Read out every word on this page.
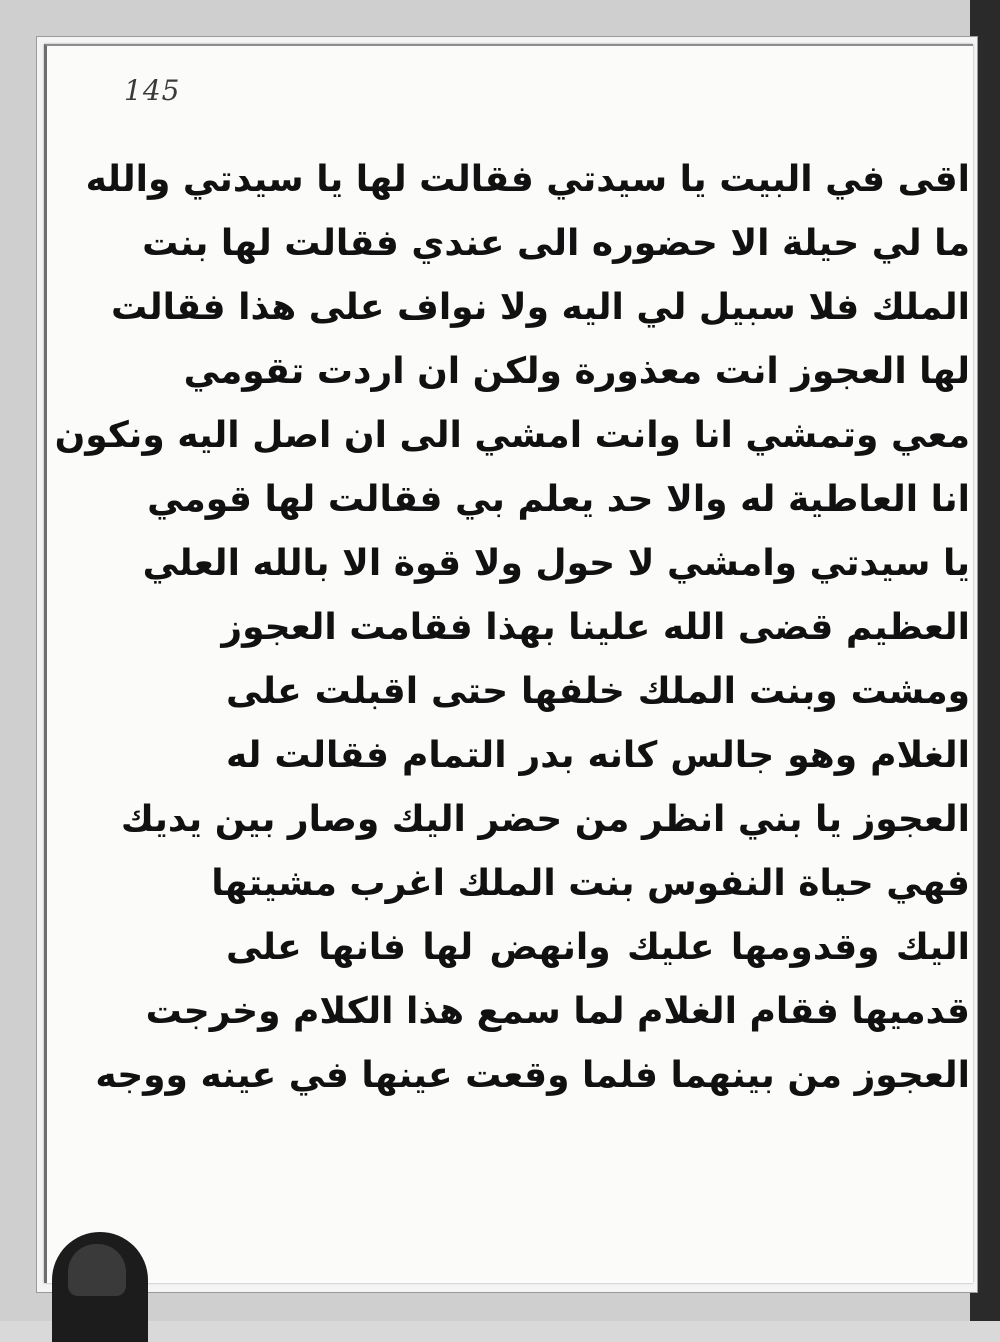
145
اقى في البيت يا سيدتي فقالت لها يا سيدتي والله
ما لي حيلة الا حضوره الى عندي فقالت لها بنت
الملك فلا سبيل لي اليه ولا نواف على هذا فقالت
لها العجوز انت معذورة ولكن ان اردت تقومي
معي وتمشي انا وانت امشي الى ان اصل اليه ونكون
انا العاطية له والا حد يعلم بي فقالت لها قومي
يا سيدتي وامشي لا حول ولا قوة الا بالله العلي
العظيم قضى الله علينا بهذا فقامت العجوز
ومشت وبنت الملك خلفها حتى اقبلت على
الغلام وهو جالس كانه بدر التمام فقالت له
العجوز يا بني انظر من حضر اليك وصار بين يديك
فهي حياة النفوس بنت الملك اغرب مشيتها
اليك وقدومها عليك وانهض لها فانها على
قدميها فقام الغلام لما سمع هذا الكلام وخرجت
العجوز من بينهما فلما وقعت عينها في عينه ووجه
